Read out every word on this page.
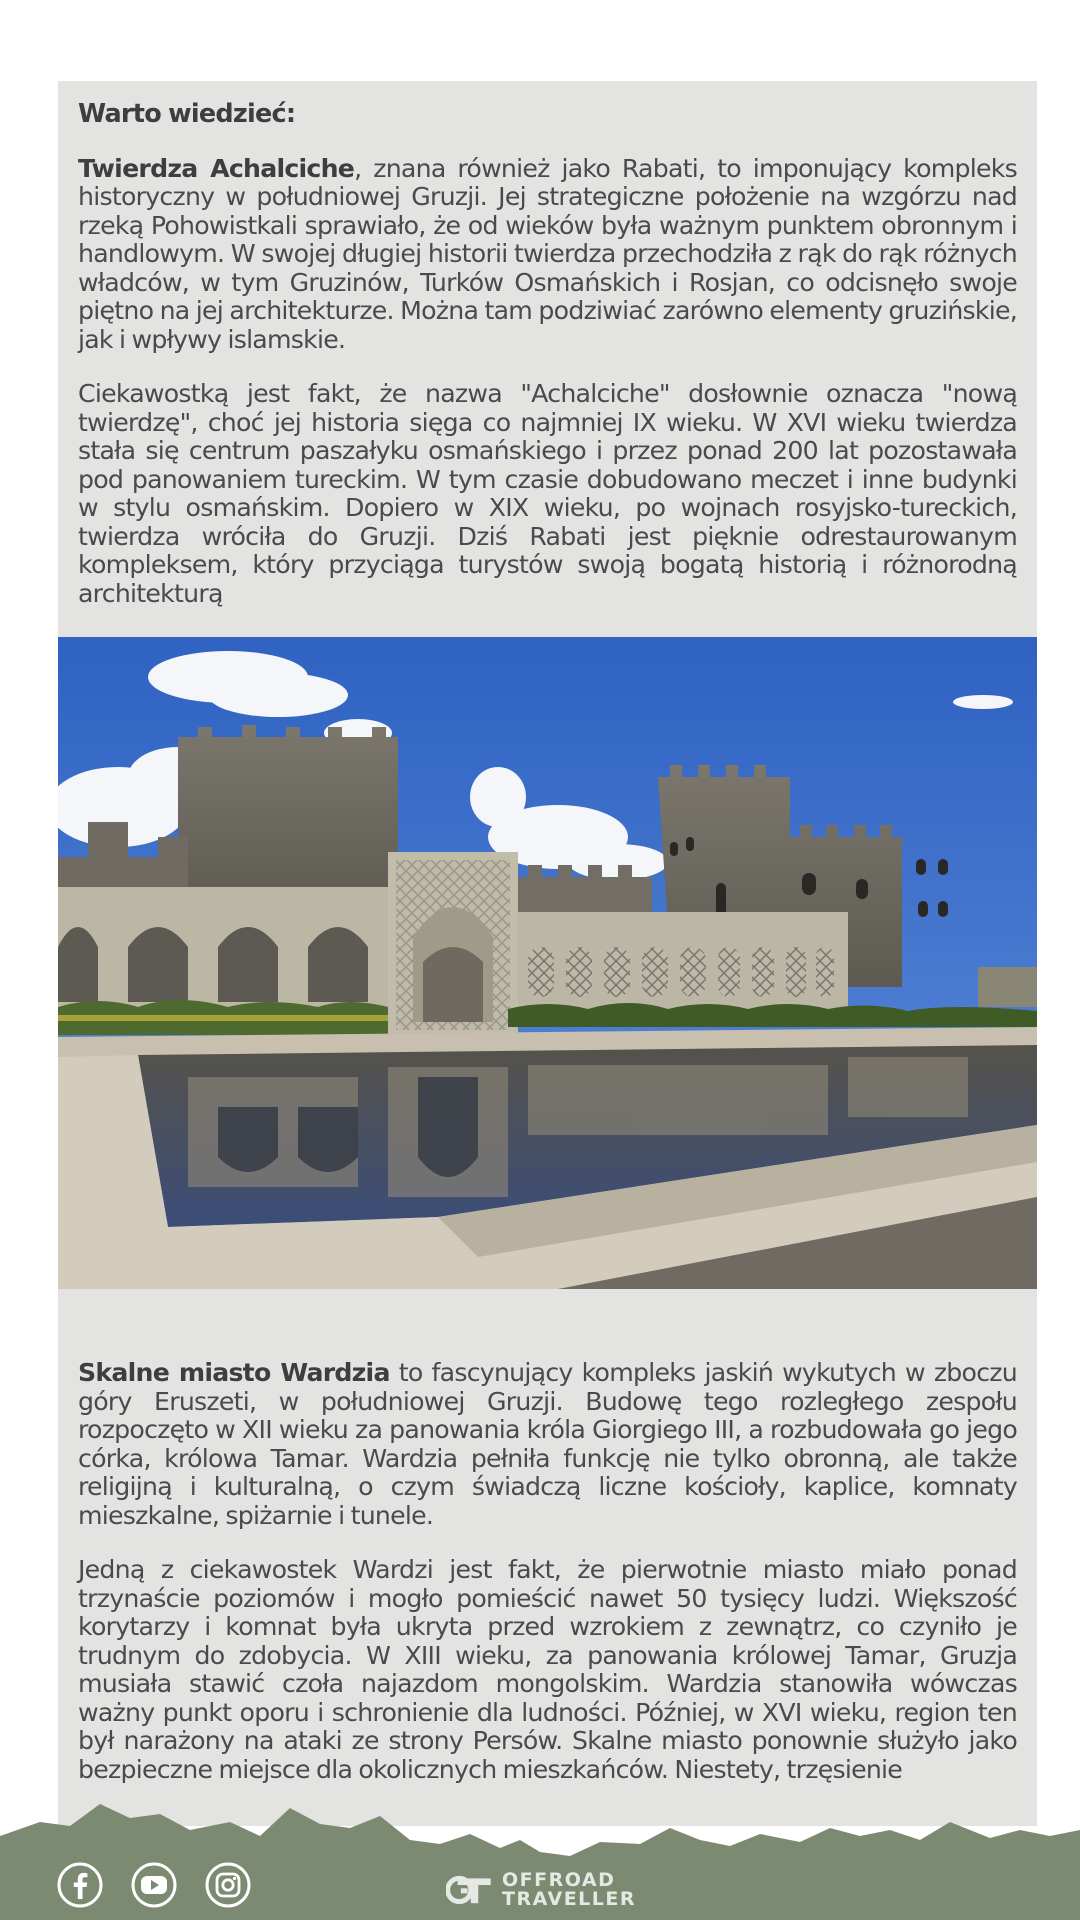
Warto wiedzieć:

Twierdza Achalciche, znana również jako Rabati, to imponujący kompleks historyczny w południowej Gruzji. Jej strategiczne położenie na wzgórzu nad rzeką Pohowistkali sprawiało, że od wieków była ważnym punktem obronnym i handlowym. W swojej długiej historii twierdza przechodziła z rąk do rąk różnych władców, w tym Gruzinów, Turków Osmańskich i Rosjan, co odcisnęło swoje piętno na jej architekturze. Można tam podziwiać zarówno elementy gruzińskie, jak i wpływy islamskie.

Ciekawostką jest fakt, że nazwa "Achalciche" dosłownie oznacza "nową twierdzę", choć jej historia sięga co najmniej IX wieku. W XVI wieku twierdza stała się centrum paszałyku osmańskiego i przez ponad 200 lat pozostawała pod panowaniem tureckim. W tym czasie dobudowano meczet i inne budynki w stylu osmańskim. Dopiero w XIX wieku, po wojnach rosyjsko-tureckich, twierdza wróciła do Gruzji. Dziś Rabati jest pięknie odrestaurowanym kompleksem, który przyciąga turystów swoją bogatą historią i różnorodną architekturą

Skalne miasto Wardzia to fascynujący kompleks jaskiń wykutych w zboczu góry Eruszeti, w południowej Gruzji. Budowę tego rozległego zespołu rozpoczęto w XII wieku za panowania króla Giorgiego III, a rozbudowała go jego córka, królowa Tamar. Wardzia pełniła funkcję nie tylko obronną, ale także religijną i kulturalną, o czym świadczą liczne kościoły, kaplice, komnaty mieszkalne, spiżarnie i tunele.

Jedną z ciekawostek Wardzi jest fakt, że pierwotnie miasto miało ponad trzynaście poziomów i mogło pomieścić nawet 50 tysięcy ludzi. Większość korytarzy i komnat była ukryta przed wzrokiem z zewnątrz, co czyniło je trudnym do zdobycia. W XIII wieku, za panowania królowej Tamar, Gruzja musiała stawić czoła najazdom mongolskim. Wardzia stanowiła wówczas ważny punkt oporu i schronienie dla ludności. Później, w XVI wieku, region ten był narażony na ataki ze strony Persów. Skalne miasto ponownie służyło jako bezpieczne miejsce dla okolicznych mieszkańców. Niestety, trzęsienie

OFFROAD
TRAVELLER
